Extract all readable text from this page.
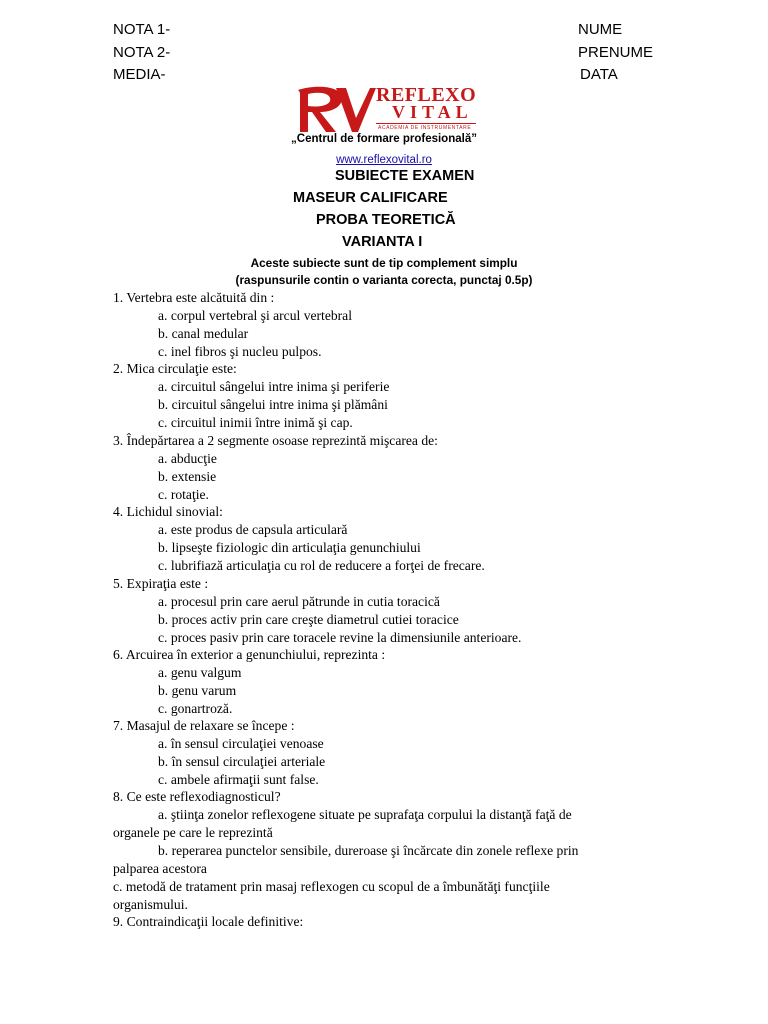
NOTA 1-
NOTA 2-
MEDIA-
NUME
PRENUME
DATA
REFLEXO
VITAL
ACADEMIA DE INSTRUMENTARE
„Centrul de formare profesională”
www.reflexovital.ro
SUBIECTE EXAMEN
MASEUR CALIFICARE
PROBA TEORETICĂ
VARIANTA I
Aceste subiecte sunt de tip complement simplu
(raspunsurile contin o varianta corecta, punctaj 0.5p)
1. Vertebra este alcătuită din :
a. corpul vertebral şi arcul vertebral
b. canal medular
c. inel fibros şi nucleu pulpos.
2. Mica circulaţie este:
a. circuitul sângelui intre inima şi periferie
b. circuitul sângelui intre inima şi plămâni
c. circuitul inimii între inimă şi cap.
3. Îndepărtarea a 2 segmente osoase reprezintă mişcarea de:
a. abducţie
b. extensie
c. rotaţie.
4. Lichidul sinovial:
a. este produs de capsula articulară
b. lipseşte fiziologic din articulaţia genunchiului
c. lubrifiază articulaţia cu rol de reducere a forţei de frecare.
5. Expiraţia este :
a. procesul prin care aerul pătrunde in cutia toracică
b. proces activ prin care creşte diametrul cutiei toracice
c. proces pasiv prin care toracele revine la dimensiunile anterioare.
6. Arcuirea în exterior a genunchiului, reprezinta :
a. genu valgum
b. genu varum
c. gonartroză.
7. Masajul de relaxare se începe :
a. în sensul circulaţiei venoase
b. în sensul circulaţiei arteriale
c. ambele afirmaţii sunt false.
8. Ce este reflexodiagnosticul?
a. ştiinţa zonelor reflexogene situate pe suprafaţa corpului la distanţă faţă de
organele pe care le reprezintă
b. reperarea punctelor sensibile, dureroase şi încărcate din zonele reflexe prin
palparea acestora
c. metodă de tratament prin masaj reflexogen cu scopul de a îmbunătăţi funcţiile
organismului.
9. Contraindicaţii locale definitive:
